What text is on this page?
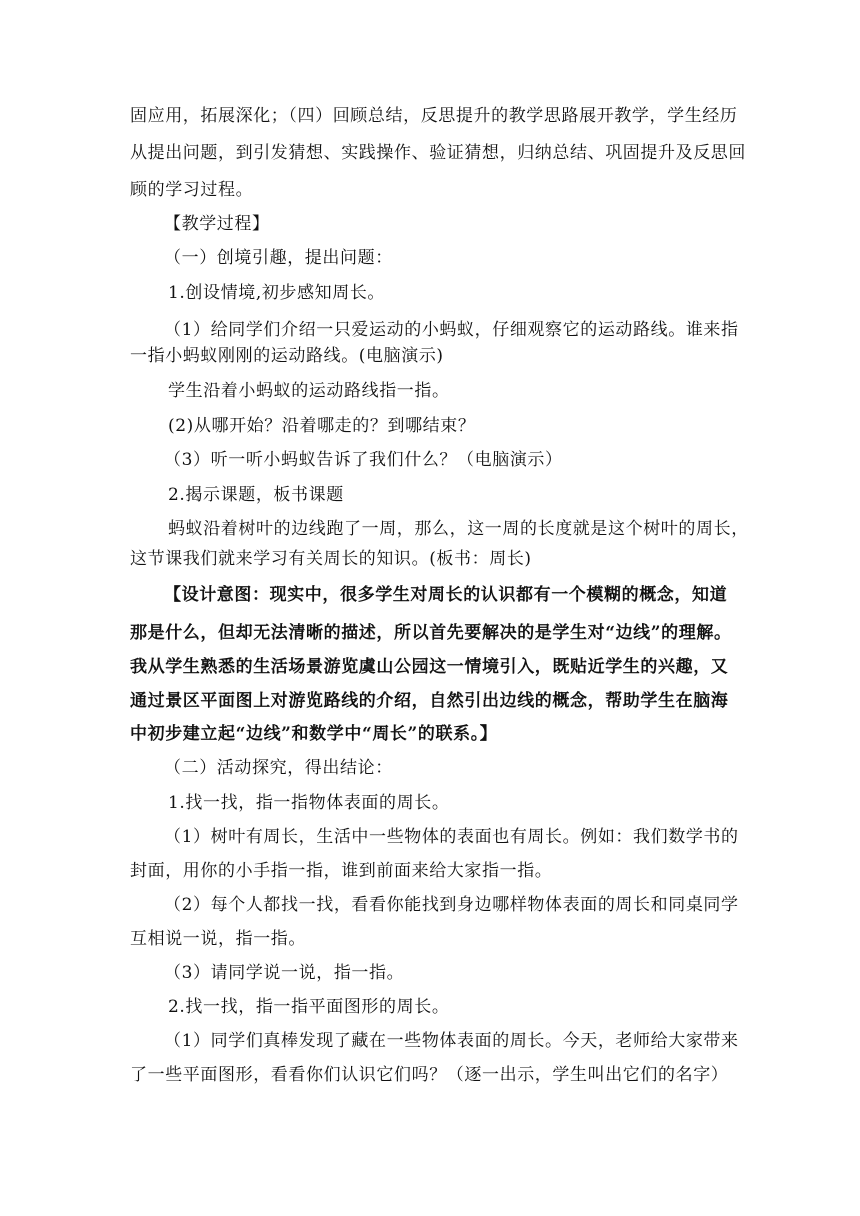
固应用，拓展深化；（四）回顾总结，反思提升的教学思路展开教学，学生经历
从提出问题，到引发猜想、实践操作、验证猜想，归纳总结、巩固提升及反思回
顾的学习过程。
【教学过程】
（一）创境引趣，提出问题：
1.创设情境,初步感知周长。
（1）给同学们介绍一只爱运动的小蚂蚁，仔细观察它的运动路线。谁来指
一指小蚂蚁刚刚的运动路线。(电脑演示)
学生沿着小蚂蚁的运动路线指一指。
(2)从哪开始？沿着哪走的？到哪结束？
（3）听一听小蚂蚁告诉了我们什么？（电脑演示）
2.揭示课题，板书课题
蚂蚁沿着树叶的边线跑了一周，那么，这一周的长度就是这个树叶的周长，
这节课我们就来学习有关周长的知识。(板书：周长)
【设计意图：现实中，很多学生对周长的认识都有一个模糊的概念，知道
那是什么，但却无法清晰的描述，所以首先要解决的是学生对“边线”的理解。
我从学生熟悉的生活场景游览虞山公园这一情境引入，既贴近学生的兴趣，又
通过景区平面图上对游览路线的介绍，自然引出边线的概念，帮助学生在脑海
中初步建立起“边线”和数学中“周长”的联系。】
（二）活动探究，得出结论：
1.找一找，指一指物体表面的周长。
（1）树叶有周长，生活中一些物体的表面也有周长。例如：我们数学书的
封面，用你的小手指一指，谁到前面来给大家指一指。
（2）每个人都找一找，看看你能找到身边哪样物体表面的周长和同桌同学
互相说一说，指一指。
（3）请同学说一说，指一指。
2.找一找，指一指平面图形的周长。
（1）同学们真棒发现了藏在一些物体表面的周长。今天，老师给大家带来
了一些平面图形，看看你们认识它们吗？（逐一出示，学生叫出它们的名字）
